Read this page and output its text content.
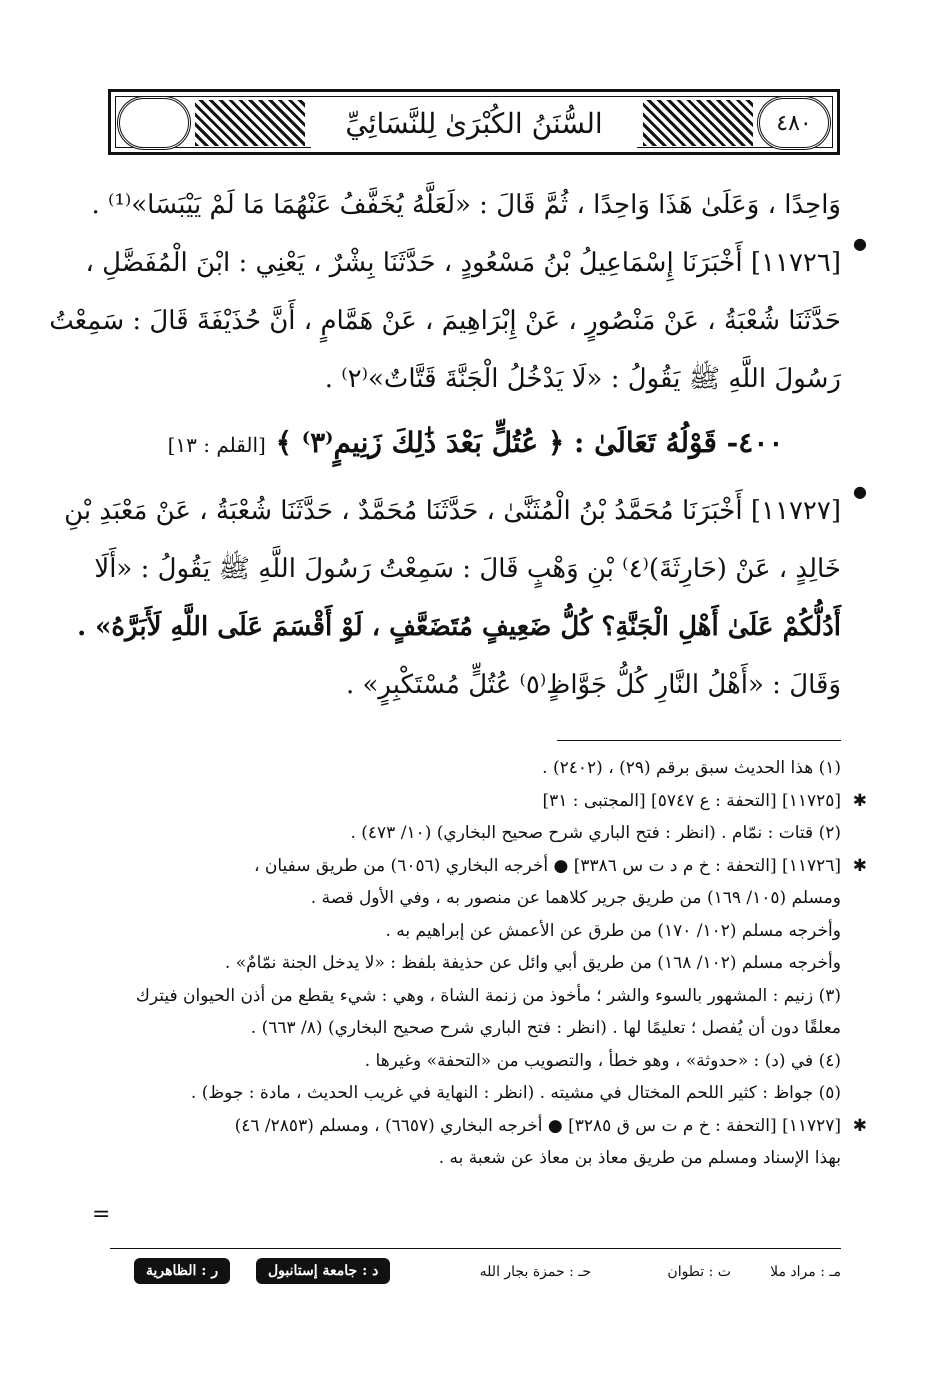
٤٨٠
السُّنَنُ الكُبْرَىٰ لِلنَّسَائِيِّ
وَاحِدًا ، وَعَلَىٰ هَذَا وَاحِدًا ، ثُمَّ قَالَ : «لَعَلَّهُ يُخَفَّفُ عَنْهُمَا مَا لَمْ يَيْبَسَا»⁽¹⁾ .
●
[١١٧٢٦] أَخْبَرَنَا إِسْمَاعِيلُ بْنُ مَسْعُودٍ ، حَدَّثَنَا بِشْرٌ ، يَعْنِي : ابْنَ الْمُفَضَّلِ ،
حَدَّثَنَا شُعْبَةُ ، عَنْ مَنْصُورٍ ، عَنْ إِبْرَاهِيمَ ، عَنْ هَمَّامٍ ، أَنَّ حُذَيْفَةَ قَالَ : سَمِعْتُ
رَسُولَ اللَّهِ ﷺ يَقُولُ : «لَا يَدْخُلُ الْجَنَّةَ قَتَّاتٌ»⁽٢⁾ .
٤٠٠- قَوْلُهُ تَعَالَىٰ : ﴿ عُتُلٍّ بَعْدَ ذَٰلِكَ زَنِيمٍ⁽٣⁾ ﴾ [القلم : ١٣]
●
[١١٧٢٧] أَخْبَرَنَا مُحَمَّدُ بْنُ الْمُثَنَّىٰ ، حَدَّثَنَا مُحَمَّدٌ ، حَدَّثَنَا شُعْبَةُ ، عَنْ مَعْبَدِ بْنِ
خَالِدٍ ، عَنْ (حَارِثَةَ)⁽٤⁾ بْنِ وَهْبٍ قَالَ : سَمِعْتُ رَسُولَ اللَّهِ ﷺ يَقُولُ : «أَلَا
أَدُلُّكُمْ عَلَىٰ أَهْلِ الْجَنَّةِ؟ كُلُّ ضَعِيفٍ مُتَضَعَّفٍ ، لَوْ أَقْسَمَ عَلَى اللَّهِ لَأَبَرَّهُ» .
وَقَالَ : «أَهْلُ النَّارِ كُلُّ جَوَّاظٍ⁽٥⁾ عُتُلٍّ مُسْتَكْبِرٍ» .
(١) هذا الحديث سبق برقم (٢٩) ، (٢٤٠٢) .
✱
[١١٧٢٥] [التحفة : ع ٥٧٤٧] [المجتبى : ٣١]
(٢) قتات : نمّام . (انظر : فتح الباري شرح صحيح البخاري) (١٠/ ٤٧٣) .
✱
[١١٧٢٦] [التحفة : خ م د ت س ٣٣٨٦] ● أخرجه البخاري (٦٠٥٦) من طريق سفيان ،
ومسلم (١٠٥/ ١٦٩) من طريق جرير كلاهما عن منصور به ، وفي الأول قصة .
وأخرجه مسلم (١٠٢/ ١٧٠) من طرق عن الأعمش عن إبراهيم به .
وأخرجه مسلم (١٠٢/ ١٦٨) من طريق أبي وائل عن حذيفة بلفظ : «لا يدخل الجنة نمّامٌ» .
(٣) زنيم : المشهور بالسوء والشر ؛ مأخوذ من زنمة الشاة ، وهي : شيء يقطع من أذن الحيوان فيترك
معلقًا دون أن يُفصل ؛ تعليمًا لها . (انظر : فتح الباري شرح صحيح البخاري) (٨/ ٦٦٣) .
(٤) في (د) : «حدوثة» ، وهو خطأ ، والتصويب من «التحفة» وغيرها .
(٥) جواظ : كثير اللحم المختال في مشيته . (انظر : النهاية في غريب الحديث ، مادة : جوظ) .
✱
[١١٧٢٧] [التحفة : خ م ت س ق ٣٢٨٥] ● أخرجه البخاري (٦٦٥٧) ، ومسلم (٢٨٥٣/ ٤٦)
بهذا الإسناد ومسلم من طريق معاذ بن معاذ عن شعبة به .
=
مـ : مراد ملا
ت : تطوان
حـ : حمزة بجار الله
د : جامعة إستانبول
ر : الظاهرية
